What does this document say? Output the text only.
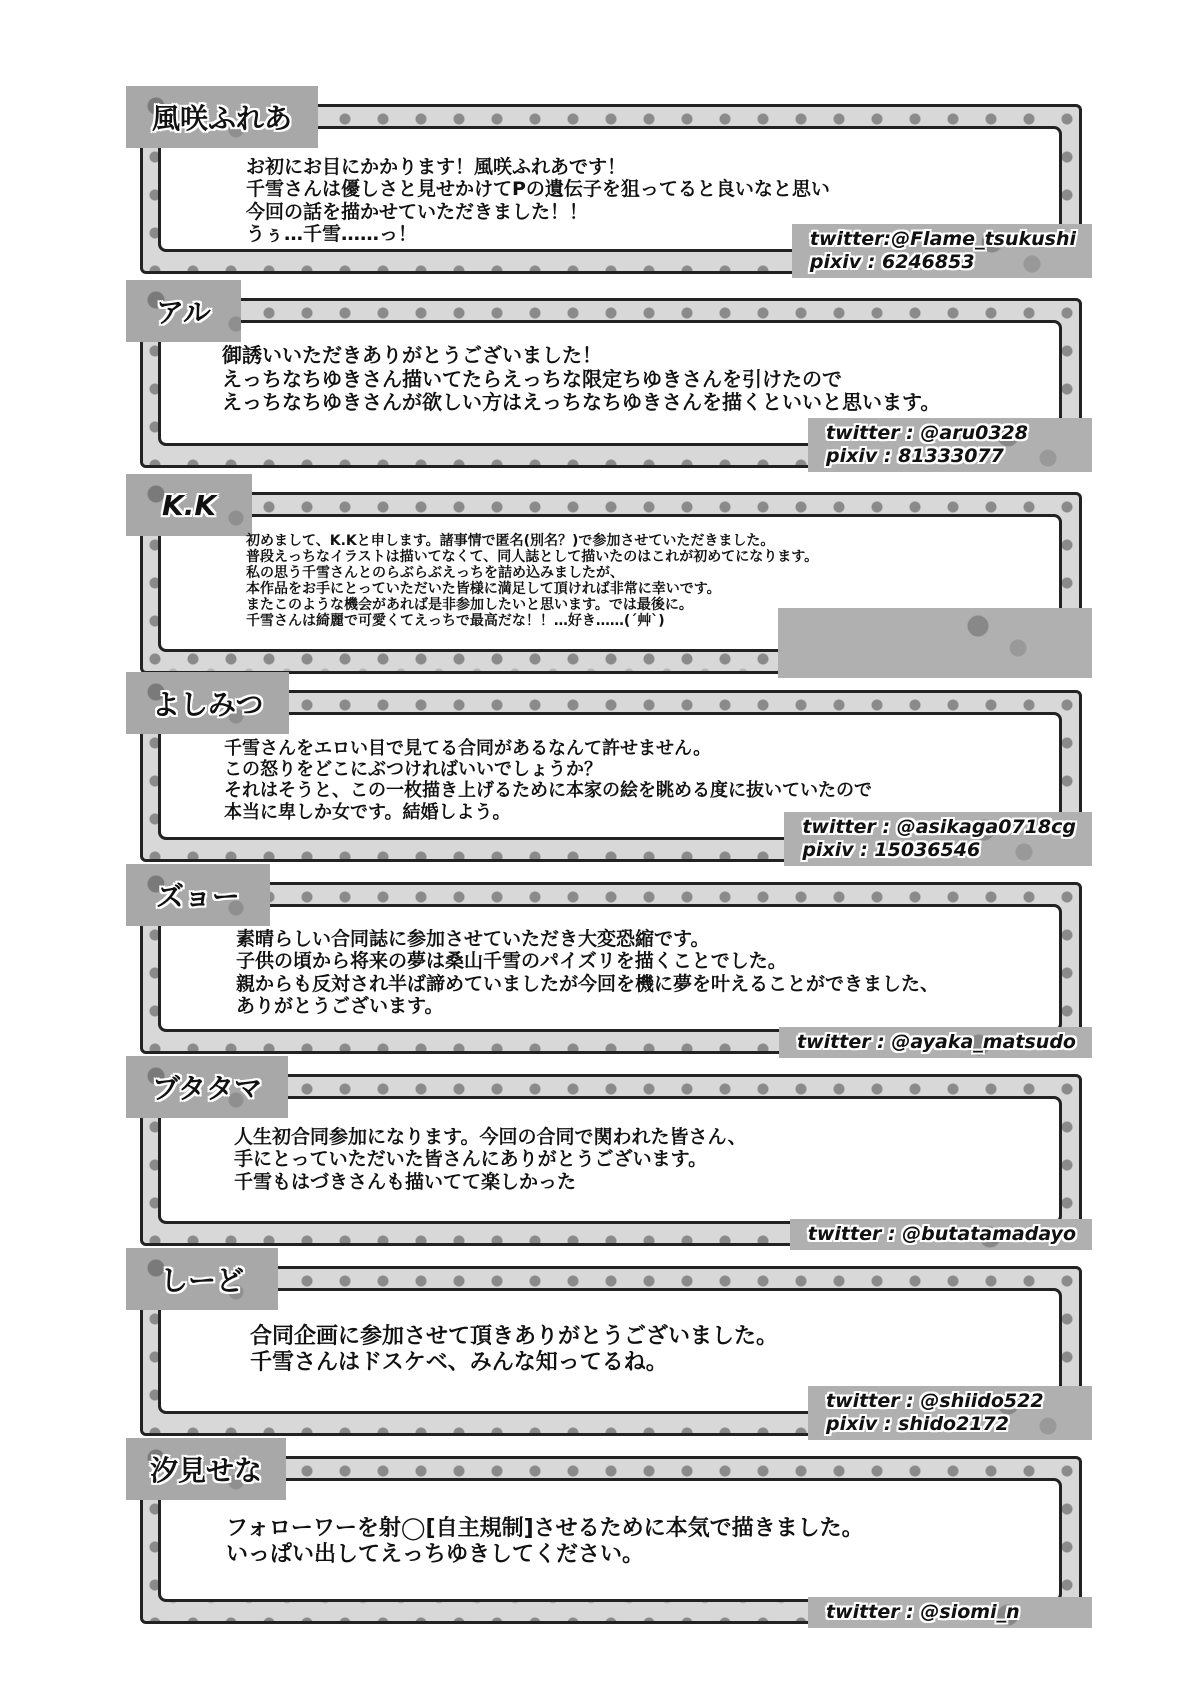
風咲ふれあ
お初にお目にかかります！風咲ふれあです！
千雪さんは優しさと見せかけてPの遺伝子を狙ってると良いなと思い
今回の話を描かせていただきました！！
うぅ…千雪……っ！	twitter:@Flame_tsukushi
pixiv : 6246853
アル
御誘いいただきありがとうございました！
えっちなちゆきさん描いてたらえっちな限定ちゆきさんを引けたので
えっちなちゆきさんが欲しい方はえっちなちゆきさんを描くといいと思います。
twitter : @aru0328
pixiv : 81333077
K.K
初めまして、K.Kと申します。諸事情で匿名(別名？)で参加させていただきました。
普段えっちなイラストは描いてなくて、同人誌として描いたのはこれが初めてになります。
私の思う千雪さんとのらぶらぶえっちを詰め込みましたが、
本作品をお手にとっていただいた皆様に満足して頂ければ非常に幸いです。
またこのような機会があれば是非参加したいと思います。では最後に。
千雪さんは綺麗で可愛くてえっちで最高だな！！…好き……(´艸`)
よしみつ
千雪さんをエロい目で見てる合同があるなんて許せません。
この怒りをどこにぶつければいいでしょうか？
それはそうと、この一枚描き上げるために本家の絵を眺める度に抜いていたので
本当に卑しか女です。結婚しよう。
twitter : @asikaga0718cg
pixiv : 15036546
ズョー
素晴らしい合同誌に参加させていただき大変恐縮です。
子供の頃から将来の夢は桑山千雪のパイズリを描くことでした。
親からも反対され半ば諦めていましたが今回を機に夢を叶えることができました、
ありがとうございます。
twitter : @ayaka_matsudo
ブタタマ
人生初合同参加になります。今回の合同で関われた皆さん、
手にとっていただいた皆さんにありがとうございます。
千雪もはづきさんも描いてて楽しかった
twitter : @butatamadayo
しーど
合同企画に参加させて頂きありがとうございました。
千雪さんはドスケベ、みんな知ってるね。
twitter : @shiido522
pixiv : shido2172
汐見せな
フォローワーを射◯[自主規制]させるために本気で描きました。
いっぱい出してえっちゆきしてください。
twitter : @siomi_n
